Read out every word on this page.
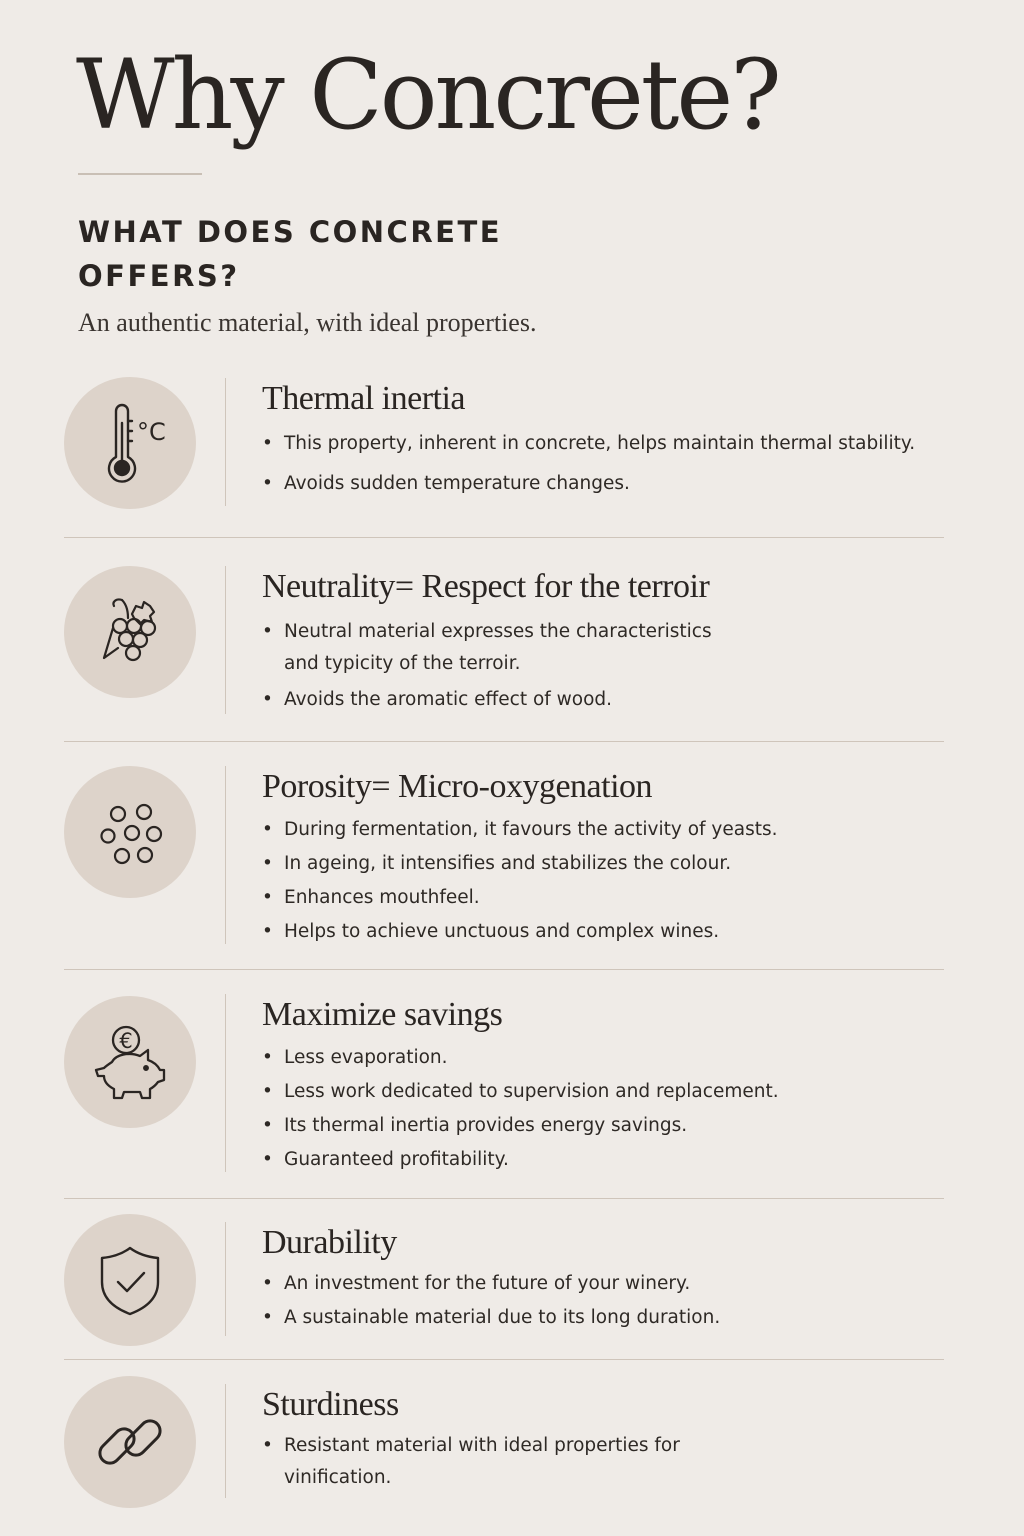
Why Concrete?
WHAT DOES CONCRETE OFFERS?

An authentic material, with ideal properties.

°C
Thermal inertia
• This property, inherent in concrete, helps maintain thermal stability.
• Avoids sudden temperature changes.
Neutrality= Respect for the terroir
• Neutral material expresses the characteristics and typicity of the terroir.
• Avoids the aromatic effect of wood.
Porosity= Micro-oxygenation
• During fermentation, it favours the activity of yeasts.
• In ageing, it intensifies and stabilizes the colour.
• Enhances mouthfeel.
• Helps to achieve unctuous and complex wines.
€
Maximize savings
• Less evaporation.
• Less work dedicated to supervision and replacement.
• Its thermal inertia provides energy savings.
• Guaranteed profitability.
Durability
• An investment for the future of your winery.
• A sustainable material due to its long duration.
Sturdiness
• Resistant material with ideal properties for vinification.
